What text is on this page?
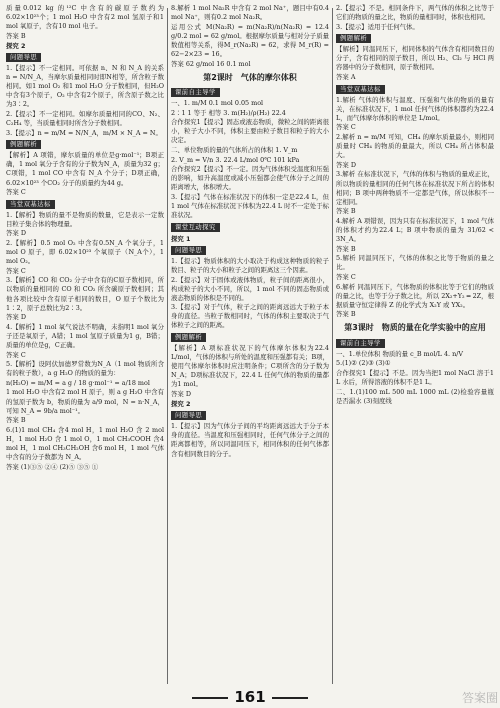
质量0.012 kg 的¹²C 中含有的碳原子数约为6.02×10²³个；1 mol H₂O 中含有2 mol 氢原子和1 mol 氧原子，含有10 mol 电子。
答案 B
探究 2
问题导思
1.【提示】不一定相同。可依据 n、N 和 N_A 的关系 n = N/N_A，当摩尔质量相同时即N相等，所含粒子数相同。如1 mol O₂ 和1 mol H₂O 分子数相同，但H₂O中含有3个原子，O₂ 中含有2个原子，所含原子数之比为3∶2。
2.【提示】不一定相同。如摩尔质量相同的CO、N₂、C₂H₄ 等，当质量相同时所含分子数相同。
3.【提示】n = m/M = N/N_A，m/M × N_A = N。
例题解析
【解析】A 项错，摩尔质量的单位是g·mol⁻¹；B项正确，1 mol 氧分子含有的分子数为N_A，质量为32 g；C项错，1 mol CO 中含有 N_A 个分子；D项正确，6.02×10²³ 个CO₂ 分子的质量约为44 g。
答案 C
当堂双基达标
1.【解析】物质的量不是物质的数量，它是表示一定数目粒子集合体的物理量。
答案 D
2.【解析】0.5 mol O₂ 中含有0.5N_A 个氧分子，1 mol O 原子，即 6.02×10²³ 个氧原子（N_A个），1 mol O₂。
答案 C
3.【解析】CO 和 CO₂ 分子中含有的C原子数相同，所以物质的量相同的 CO 和 CO₂ 所含碳原子数相同；其他各项比较中含有原子相同的数目，O 原子个数比为1∶2，原子总数比为2∶3。
答案 D
4.【解析】1 mol 氧气说法不明确，未指明1 mol 氧分子还是氧原子，A错；1 mol 氢原子质量为1 g，B错；质量的单位是g，C正确。
答案 C
5.【解析】设阿伏加德罗常数为N_A（1 mol 物质所含有的粒子数），a g H₂O 的物质的量为：
n(H₂O) = m/M = a g / 18 g·mol⁻¹ = a/18 mol
1 mol H₂O 中含有2 mol H 原子，则 a g H₂O 中含有的氢原子数为 b，物质的量为 a/9 mol，N = n·N_A，可知 N_A = 9b/a mol⁻¹。
答案 B
6.(1)1 mol CH₄ 含4 mol H，1 mol H₂O 含 2 mol H，1 mol H₂O 含 1 mol O，1 mol CH₃COOH 含4 mol H，1 mol CH₃CH₂OH 含6 mol H，1 mol 气体中含有的分子数都为 N_A。
答案 (1)③⑤ ②④ (2)⑤ ③⑤ ①
8.解析 1 mol Na₂R 中含有 2 mol Na⁺，题目中有0.4 mol Na⁺，则有0.2 mol Na₂R。
运用公式 M(Na₂R) = m(Na₂R)/n(Na₂R) = 12.4 g/0.2 mol = 62 g/mol。根据摩尔质量与相对分子质量数值相等关系，得M_r(Na₂R) = 62，求得 M_r(R) = 62−2×23 = 16。
答案 62 g/mol 16 0.1 mol
第2课时　气体的摩尔体积
课前自主导学
一、1. m/M 0.1 mol 0.05 mol
2∶1 1 等于 相等 3. m(H₂)/ρ(H₂) 22.4
合作探究1【提示】固态或液态物质，微粒之间的距离很小，粒子大小不同，体积主要由粒子数目和粒子的大小决定。
二、单位物质的量的气体所占的体积 1. V_m
2. V_m = V/n 3. 22.4 L/mol 0℃ 101 kPa
合作探究2【提示】不一定。因为气体体积受温度和压强的影响，如升高温度或减小压强都会使气体分子之间的距离增大，体积增大。
3.【提示】气体在标准状况下的体积一定是22.4 L，但1 mol 气体在标准状况下体积为22.4 L 时不一定处于标准状况。
课堂互动探究
探究 1
问题导思
1.【提示】物质体积的大小取决于构成这种物质的粒子数目、粒子的大小和粒子之间的距离这三个因素。
2.【提示】对于固体或液体物质，粒子间的距离很小，构成粒子的大小不同，所以，1 mol 不同的固态物质或液态物质的体积是不同的。
3.【提示】对于气体，粒子之间的距离远远大于粒子本身的直径。当粒子数相同时，气体的体积主要取决于气体粒子之间的距离。
例题解析
【解析】A 项标准状况下的气体摩尔体积为22.4 L/mol，气体的体积与所处的温度和压强都有关；B项，使用气体摩尔体积时应注明条件；C项所含的分子数为N_A；D项标准状况下，22.4 L 任何气体的物质的量都为1 mol。
答案 D
探究 2
问题导思
1.【提示】因为气体分子间的平均距离远远大于分子本身的直径。当温度和压强相同时，任何气体分子之间的距离都相等，所以同温同压下，相同体积的任何气体都含有相同数目的分子。
2.【提示】不是。相同条件下，两气体的体积之比等于它们的物质的量之比，物质的量相同时，体积也相同。
3.【提示】适用于任何气体。
例题解析
【解析】同温同压下，相同体积的气体含有相同数目的分子，含有相同的原子数目，所以 H₂、Cl₂ 与 HCl 两容器中的分子数相同，原子数相同。
答案 A
当堂双基达标
1.解析 气体的体积与温度、压强和气体的物质的量有关，在标准状况下，1 mol 任何气体的体积都约为22.4 L，而气体摩尔体积的单位是 L/mol。
答案 C
2.解析 n = m/M 可知，CH₄ 的摩尔质量最小，则相同质量时 CH₄ 的物质的量最大，所以 CH₄ 所占体积最大。
答案 D
3.解析 在标准状况下，气体的体积与物质的量成正比，所以物质的量相同的任何气体在标准状况下所占的体积相同；B 项中两种物质不一定都是气体，所以体积不一定相同。
答案 B
4.解析 A 项错误，因为只有在标准状况下，1 mol 气体的体积才约为22.4 L；B 项中物质的量为 31/62 < 3N_A。
答案 B
5.解析 同温同压下，气体的体积之比等于物质的量之比。
答案 C
6.解析 同温同压下，气体物质的体积比等于它们的物质的量之比，也等于分子数之比，所以 2X₂+Y₂ ═ 2Z，根据质量守恒定律得 Z 的化学式为 X₂Y 或 YX₂。
答案 B
第3课时　物质的量在化学实验中的应用
课前自主导学
一、1.单位体积 物质的量 c_B mol/L 4. n/V
5.(1)② (2)③ (3)①
合作探究1【提示】不是。因为当把1 mol NaCl 溶于1 L 水后，所得溶液的体积不是1 L。
二、1.(1)100 mL 500 mL 1000 mL (2)检验容量瓶是否漏水 (3)刻度线
161	答案圈
